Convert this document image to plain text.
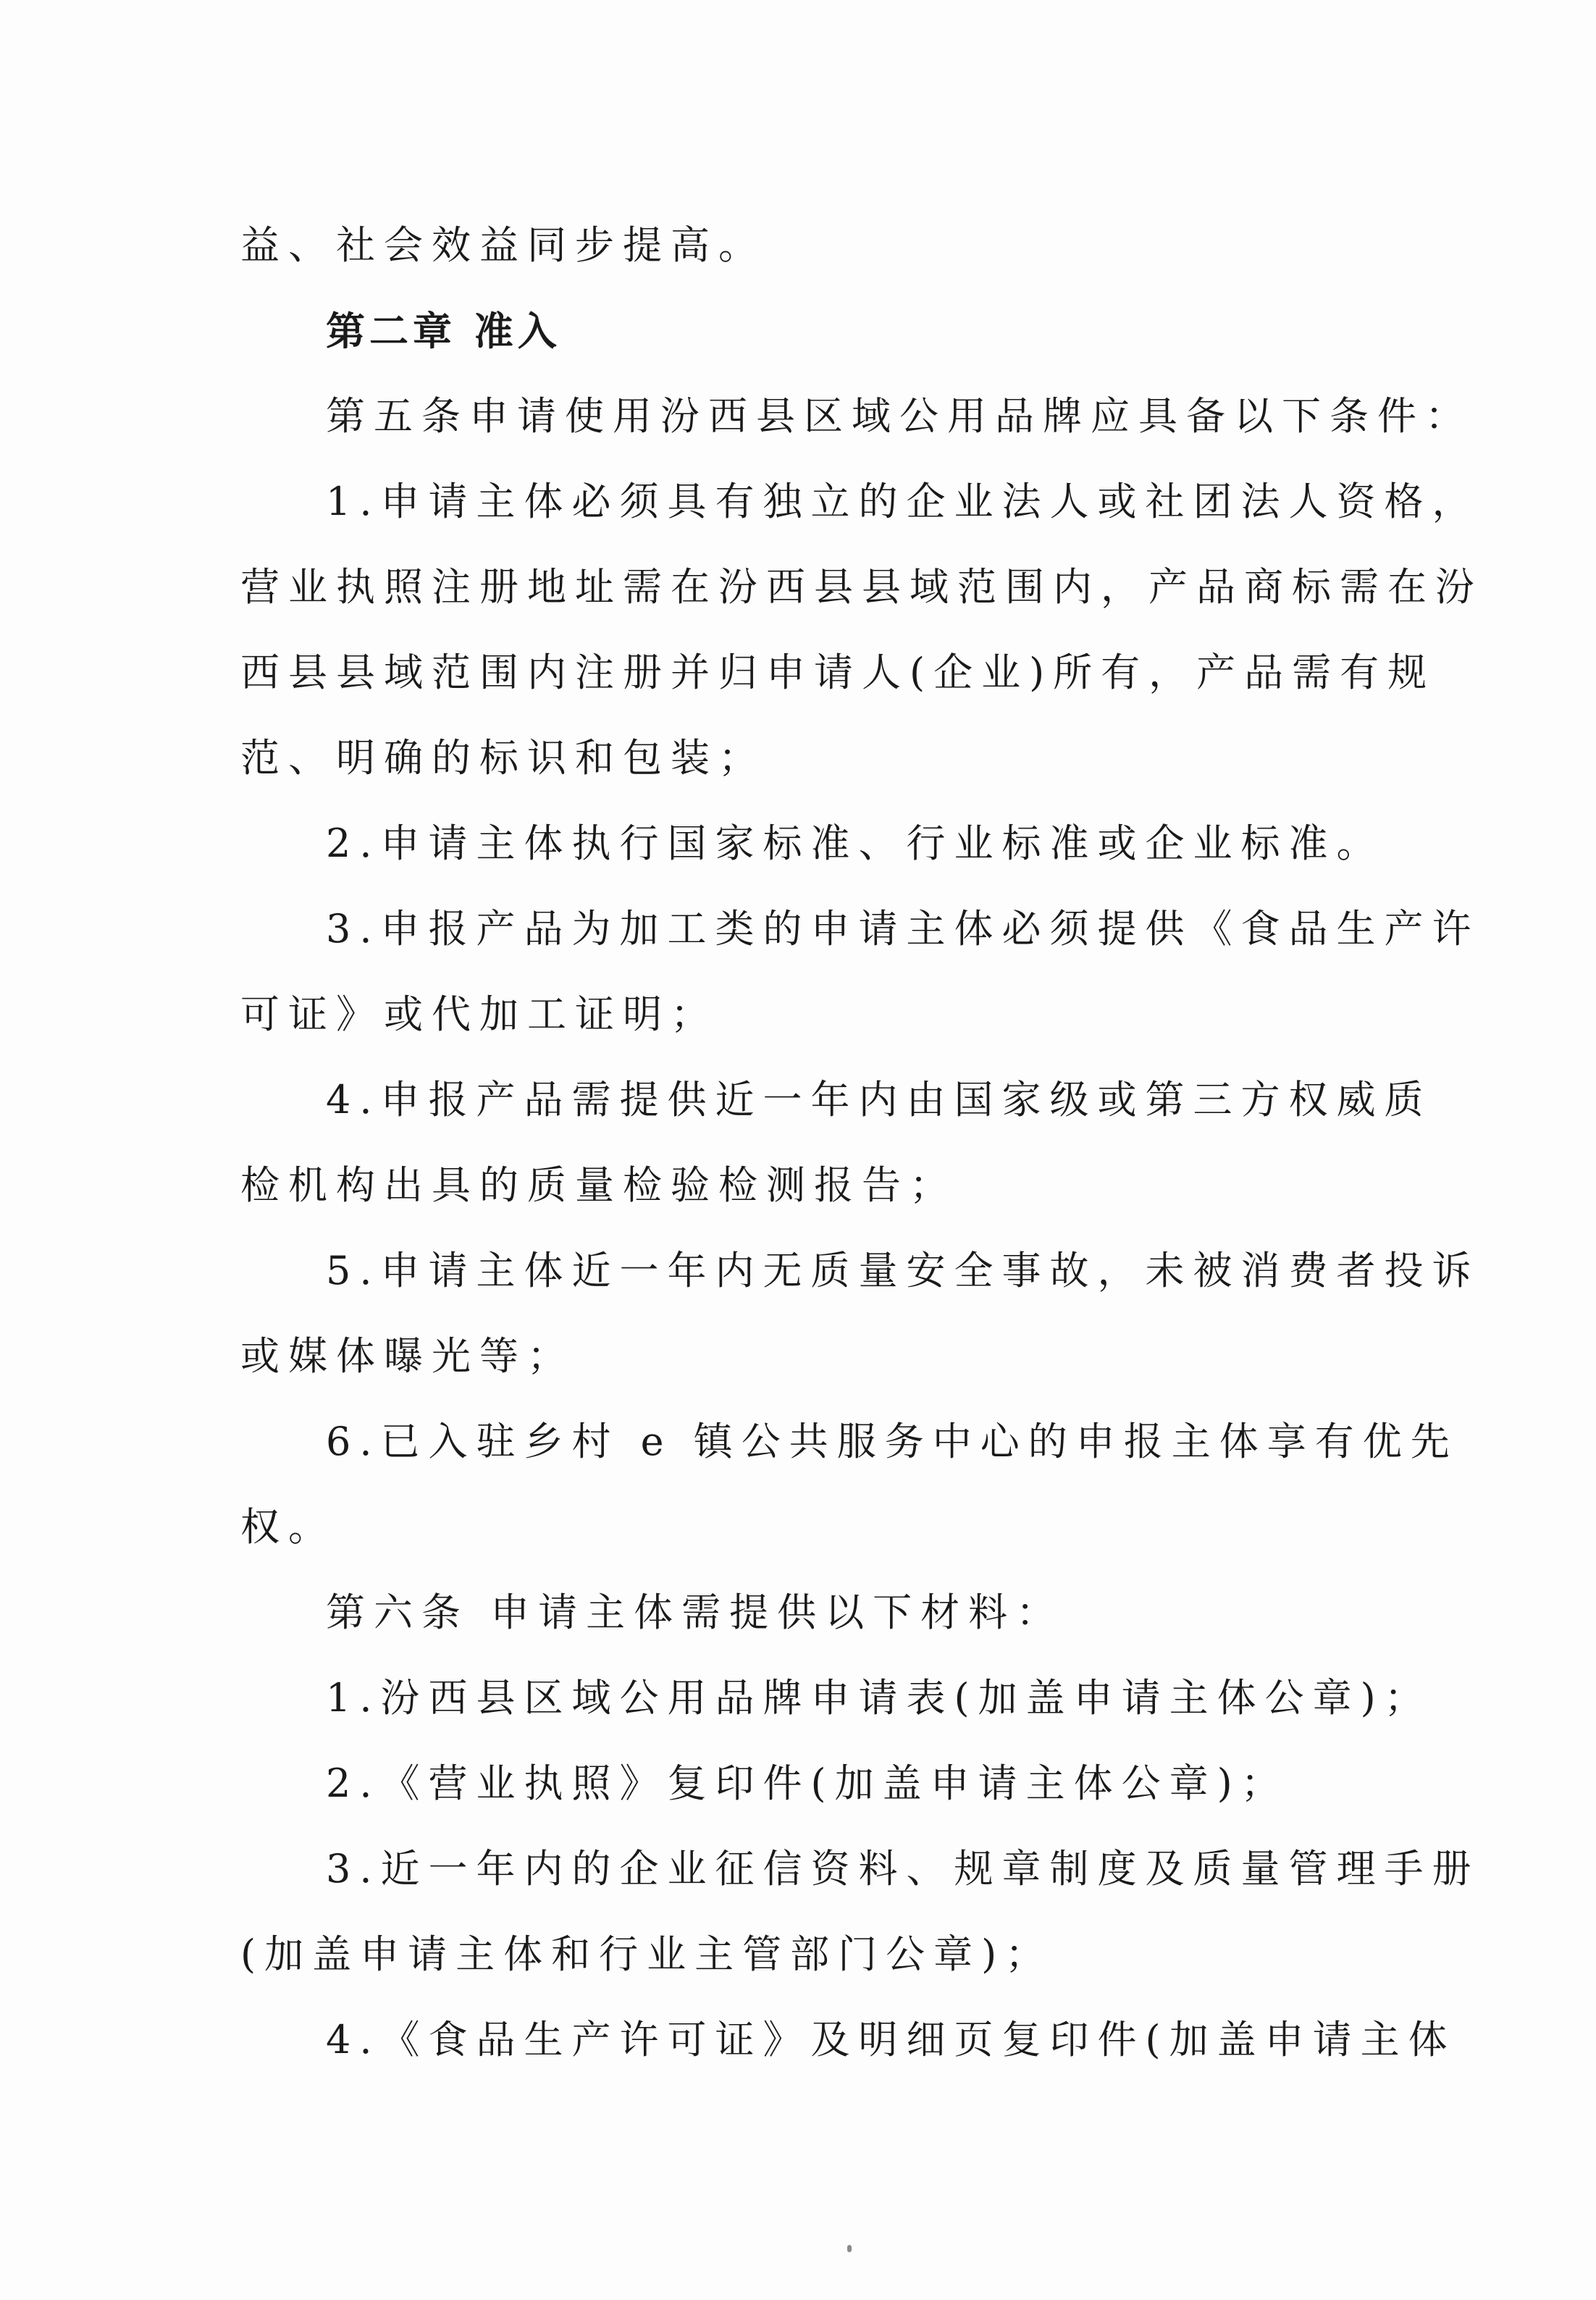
益、社会效益同步提高。
第二章 准入
第五条申请使用汾西县区域公用品牌应具备以下条件：
1.申请主体必须具有独立的企业法人或社团法人资格，
营业执照注册地址需在汾西县县域范围内，产品商标需在汾
西县县域范围内注册并归申请人(企业)所有，产品需有规
范、明确的标识和包装；
2.申请主体执行国家标准、行业标准或企业标准。
3.申报产品为加工类的申请主体必须提供《食品生产许
可证》或代加工证明；
4.申报产品需提供近一年内由国家级或第三方权威质
检机构出具的质量检验检测报告；
5.申请主体近一年内无质量安全事故，未被消费者投诉
或媒体曝光等；
6.已入驻乡村 e 镇公共服务中心的申报主体享有优先
权。
第六条 申请主体需提供以下材料：
1.汾西县区域公用品牌申请表(加盖申请主体公章)；
2.《营业执照》复印件(加盖申请主体公章)；
3.近一年内的企业征信资料、规章制度及质量管理手册
(加盖申请主体和行业主管部门公章)；
4.《食品生产许可证》及明细页复印件(加盖申请主体
